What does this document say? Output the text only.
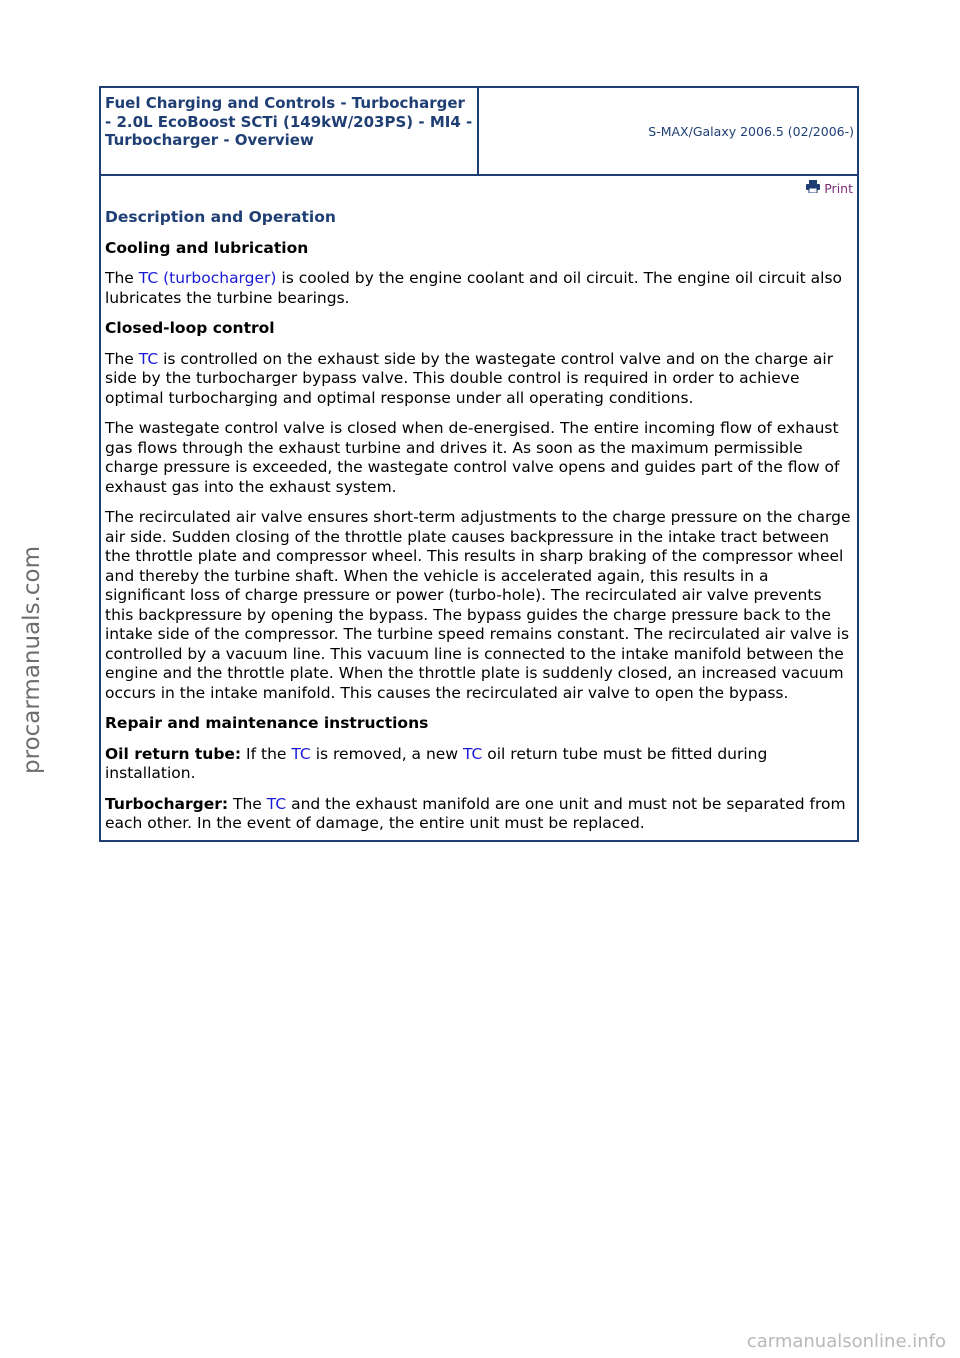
Fuel Charging and Controls - Turbocharger - 2.0L EcoBoost SCTi (149kW/203PS) - MI4 - Turbocharger - Overview	S-MAX/Galaxy 2006.5 (02/2006-)
Print
Description and Operation
Cooling and lubrication

The TC (turbocharger) is cooled by the engine coolant and oil circuit. The engine oil circuit also lubricates the turbine bearings.

Closed-loop control

The TC is controlled on the exhaust side by the wastegate control valve and on the charge air side by the turbocharger bypass valve. This double control is required in order to achieve optimal turbocharging and optimal response under all operating conditions.

The wastegate control valve is closed when de-energised. The entire incoming flow of exhaust gas flows through the exhaust turbine and drives it. As soon as the maximum permissible charge pressure is exceeded, the wastegate control valve opens and guides part of the flow of exhaust gas into the exhaust system.

The recirculated air valve ensures short-term adjustments to the charge pressure on the charge air side. Sudden closing of the throttle plate causes backpressure in the intake tract between the throttle plate and compressor wheel. This results in sharp braking of the compressor wheel and thereby the turbine shaft. When the vehicle is accelerated again, this results in a significant loss of charge pressure or power (turbo-hole). The recirculated air valve prevents this backpressure by opening the bypass. The bypass guides the charge pressure back to the intake side of the compressor. The turbine speed remains constant. The recirculated air valve is controlled by a vacuum line. This vacuum line is connected to the intake manifold between the engine and the throttle plate. When the throttle plate is suddenly closed, an increased vacuum occurs in the intake manifold. This causes the recirculated air valve to open the bypass.

Repair and maintenance instructions

Oil return tube: If the TC is removed, a new TC oil return tube must be fitted during installation.

Turbocharger: The TC and the exhaust manifold are one unit and must not be separated from each other. In the event of damage, the entire unit must be replaced.

procarmanuals.com
carmanualsonline.info
